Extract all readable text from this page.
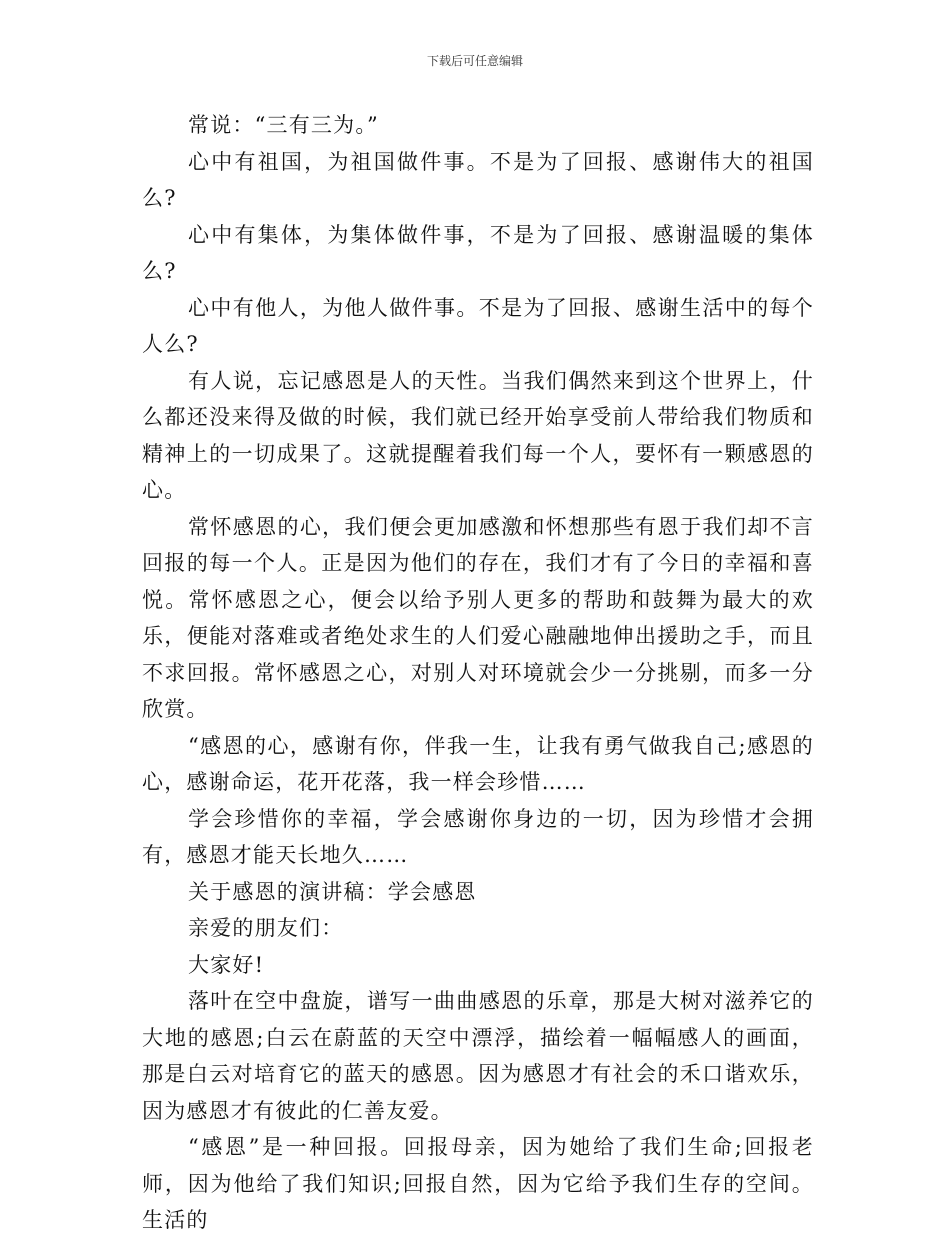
下载后可任意编辑

常说：“三有三为。”

心中有祖国，为祖国做件事。不是为了回报、感谢伟大的祖国么?

心中有集体，为集体做件事，不是为了回报、感谢温暖的集体么?

心中有他人，为他人做件事。不是为了回报、感谢生活中的每个人么?

有人说，忘记感恩是人的天性。当我们偶然来到这个世界上，什么都还没来得及做的时候，我们就已经开始享受前人带给我们物质和精神上的一切成果了。这就提醒着我们每一个人，要怀有一颗感恩的心。

常怀感恩的心，我们便会更加感激和怀想那些有恩于我们却不言回报的每一个人。正是因为他们的存在，我们才有了今日的幸福和喜悦。常怀感恩之心，便会以给予别人更多的帮助和鼓舞为最大的欢乐，便能对落难或者绝处求生的人们爱心融融地伸出援助之手，而且不求回报。常怀感恩之心，对别人对环境就会少一分挑剔，而多一分欣赏。

“感恩的心，感谢有你，伴我一生，让我有勇气做我自己;感恩的心，感谢命运，花开花落，我一样会珍惜……

学会珍惜你的幸福，学会感谢你身边的一切，因为珍惜才会拥有，感恩才能天长地久……

关于感恩的演讲稿：学会感恩

亲爱的朋友们：

大家好!

落叶在空中盘旋，谱写一曲曲感恩的乐章，那是大树对滋养它的大地的感恩;白云在蔚蓝的天空中漂浮，描绘着一幅幅感人的画面，那是白云对培育它的蓝天的感恩。因为感恩才有社会的禾口谐欢乐，因为感恩才有彼此的仁善友爱。

“感恩”是一种回报。回报母亲，因为她给了我们生命;回报老师，因为他给了我们知识;回报自然，因为它给予我们生存的空间。生活的
